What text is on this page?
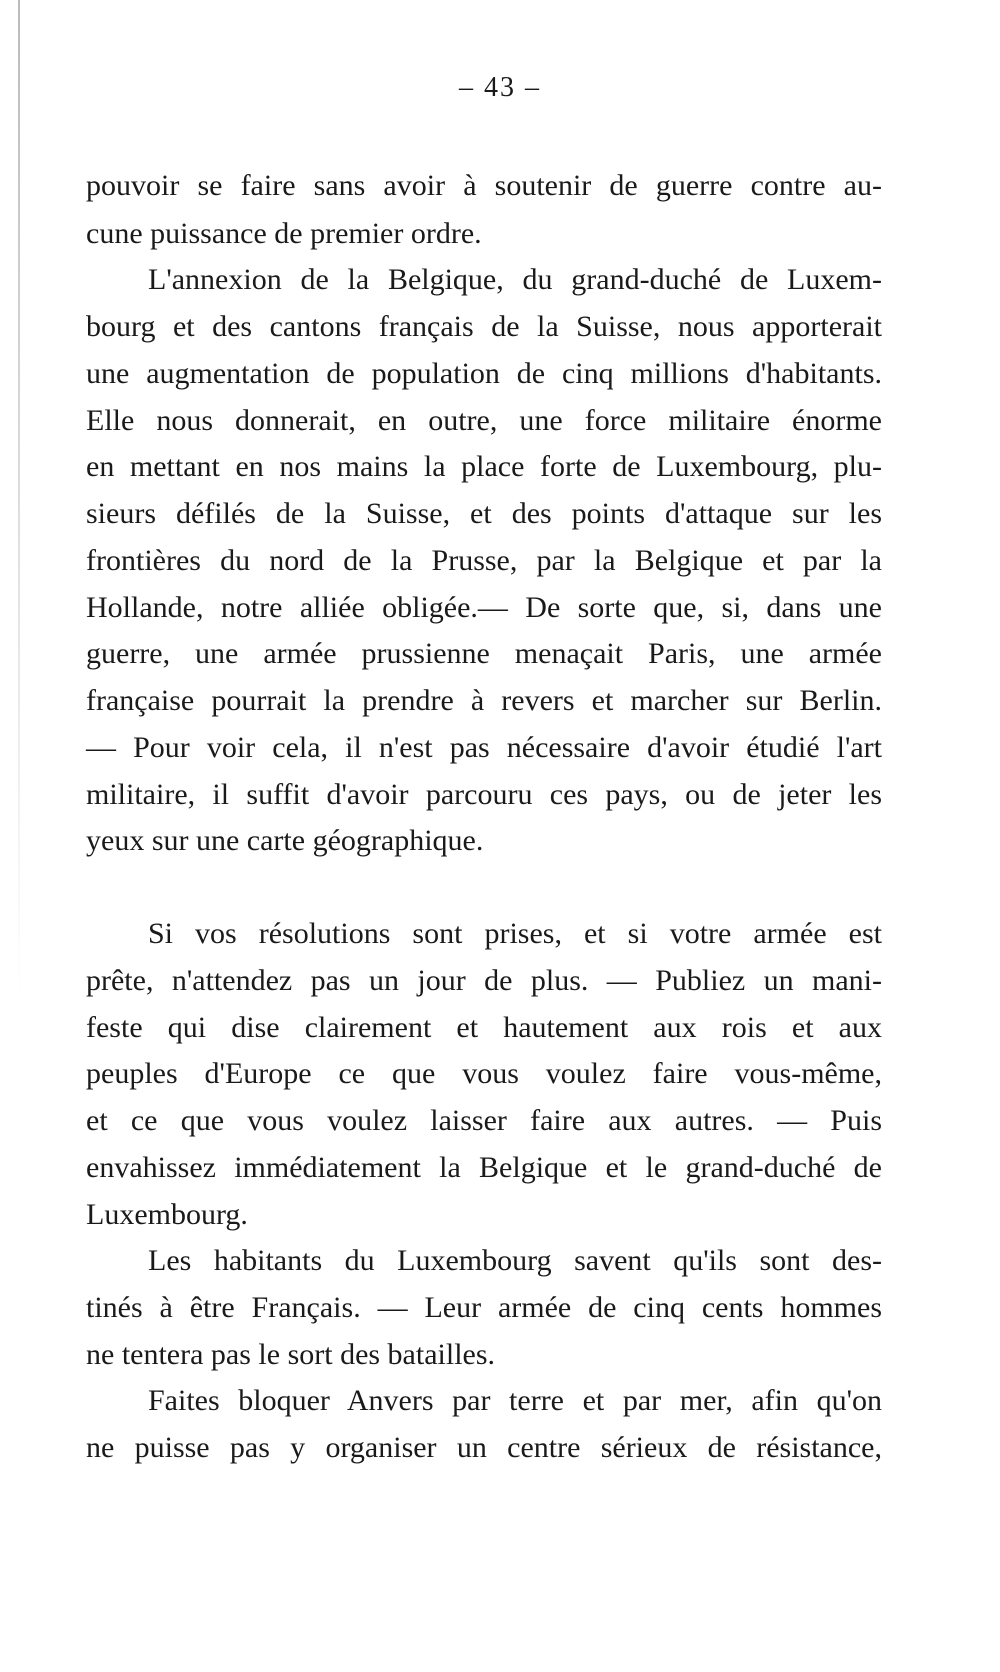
– 43 –
pouvoir se faire sans avoir à soutenir de guerre contre au-
cune puissance de premier ordre.
L'annexion de la Belgique, du grand-duché de Luxem-
bourg et des cantons français de la Suisse, nous apporterait
une augmentation de population de cinq millions d'habitants.
Elle nous donnerait, en outre, une force militaire énorme
en mettant en nos mains la place forte de Luxembourg, plu-
sieurs défilés de la Suisse, et des points d'attaque sur les
frontières du nord de la Prusse, par la Belgique et par la
Hollande, notre alliée obligée.— De sorte que, si, dans une
guerre, une armée prussienne menaçait Paris, une armée
française pourrait la prendre à revers et marcher sur Berlin.
— Pour voir cela, il n'est pas nécessaire d'avoir étudié l'art
militaire, il suffit d'avoir parcouru ces pays, ou de jeter les
yeux sur une carte géographique.
Si vos résolutions sont prises, et si votre armée est
prête, n'attendez pas un jour de plus. — Publiez un mani-
feste qui dise clairement et hautement aux rois et aux
peuples d'Europe ce que vous voulez faire vous-même,
et ce que vous voulez laisser faire aux autres. — Puis
envahissez immédiatement la Belgique et le grand-duché de
Luxembourg.
Les habitants du Luxembourg savent qu'ils sont des-
tinés à être Français. — Leur armée de cinq cents hommes
ne tentera pas le sort des batailles.
Faites bloquer Anvers par terre et par mer, afin qu'on
ne puisse pas y organiser un centre sérieux de résistance,
